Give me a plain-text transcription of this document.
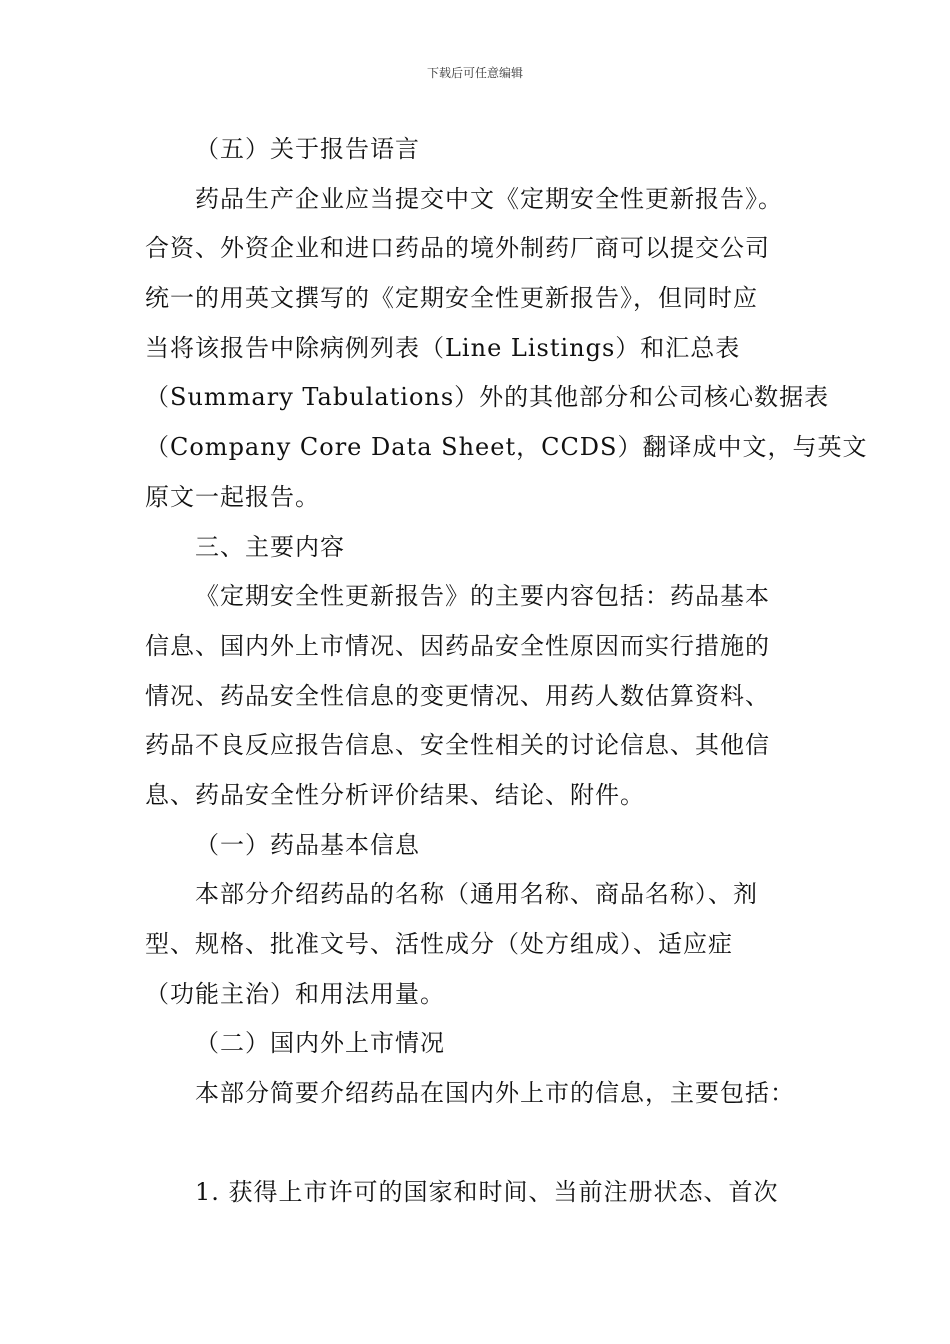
下载后可任意编辑
（五）关于报告语言
药品生产企业应当提交中文《定期安全性更新报告》。
合资、外资企业和进口药品的境外制药厂商可以提交公司
统一的用英文撰写的《定期安全性更新报告》，但同时应
当将该报告中除病例列表（Line Listings）和汇总表
（Summary Tabulations）外的其他部分和公司核心数据表
（Company Core Data Sheet，CCDS）翻译成中文，与英文
原文一起报告。
三、主要内容
《定期安全性更新报告》的主要内容包括：药品基本
信息、国内外上市情况、因药品安全性原因而实行措施的
情况、药品安全性信息的变更情况、用药人数估算资料、
药品不良反应报告信息、安全性相关的讨论信息、其他信
息、药品安全性分析评价结果、结论、附件。
（一）药品基本信息
本部分介绍药品的名称（通用名称、商品名称）、剂
型、规格、批准文号、活性成分（处方组成）、适应症
（功能主治）和用法用量。
（二）国内外上市情况
本部分简要介绍药品在国内外上市的信息，主要包括：
1. 获得上市许可的国家和时间、当前注册状态、首次
